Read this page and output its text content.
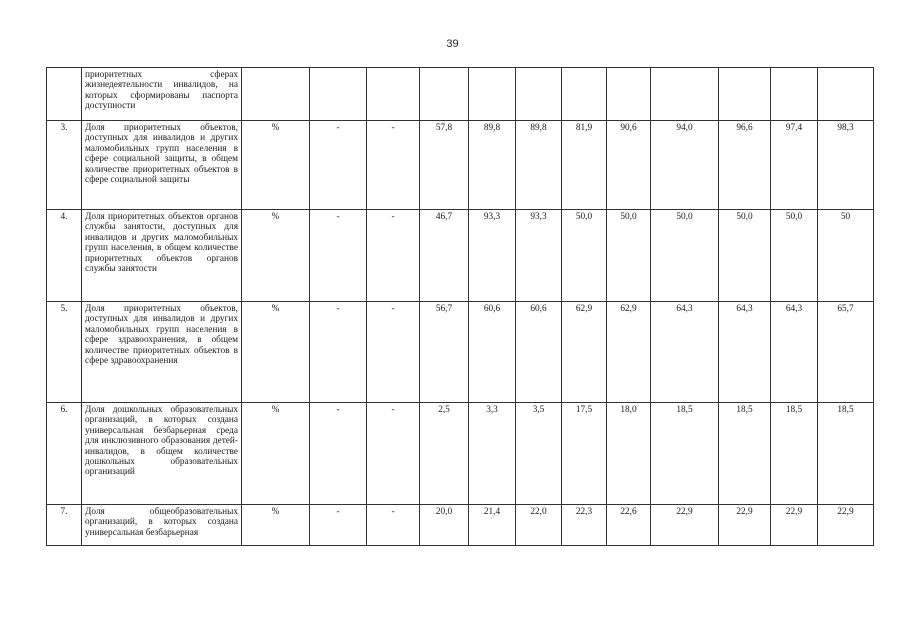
39
	приоритетных сферах жизнедеятельности инвалидов, на которых сформированы паспорта доступности												
3.	Доля приоритетных объектов, доступных для инвалидов и других маломобильных групп населения в сфере социальной защиты, в общем количестве приоритетных объектов в сфере социальной защиты	%	-	-	57,8	89,8	89,8	81,9	90,6	94,0	96,6	97,4	98,3
4.	Доля приоритетных объектов органов службы занятости, доступных для инвалидов и других маломобильных групп населения, в общем количестве приоритетных объектов органов службы занятости	%	-	-	46,7	93,3	93,3	50,0	50,0	50,0	50,0	50,0	50
5.	Доля приоритетных объектов, доступных для инвалидов и других маломобильных групп населения в сфере здравоохранения, в общем количестве приоритетных объектов в сфере здравоохранения	%	-	-	56,7	60,6	60,6	62,9	62,9	64,3	64,3	64,3	65,7
6.	Доля дошкольных образовательных организаций, в которых создана универсальная безбарьерная среда для инклюзивного образования детей-инвалидов, в общем количестве дошкольных образовательных организаций	%	-	-	2,5	3,3	3,5	17,5	18,0	18,5	18,5	18,5	18,5
7.	Доля общеобразовательных организаций, в которых создана универсальная безбарьерная	%	-	-	20,0	21,4	22,0	22,3	22,6	22,9	22,9	22,9	22,9
